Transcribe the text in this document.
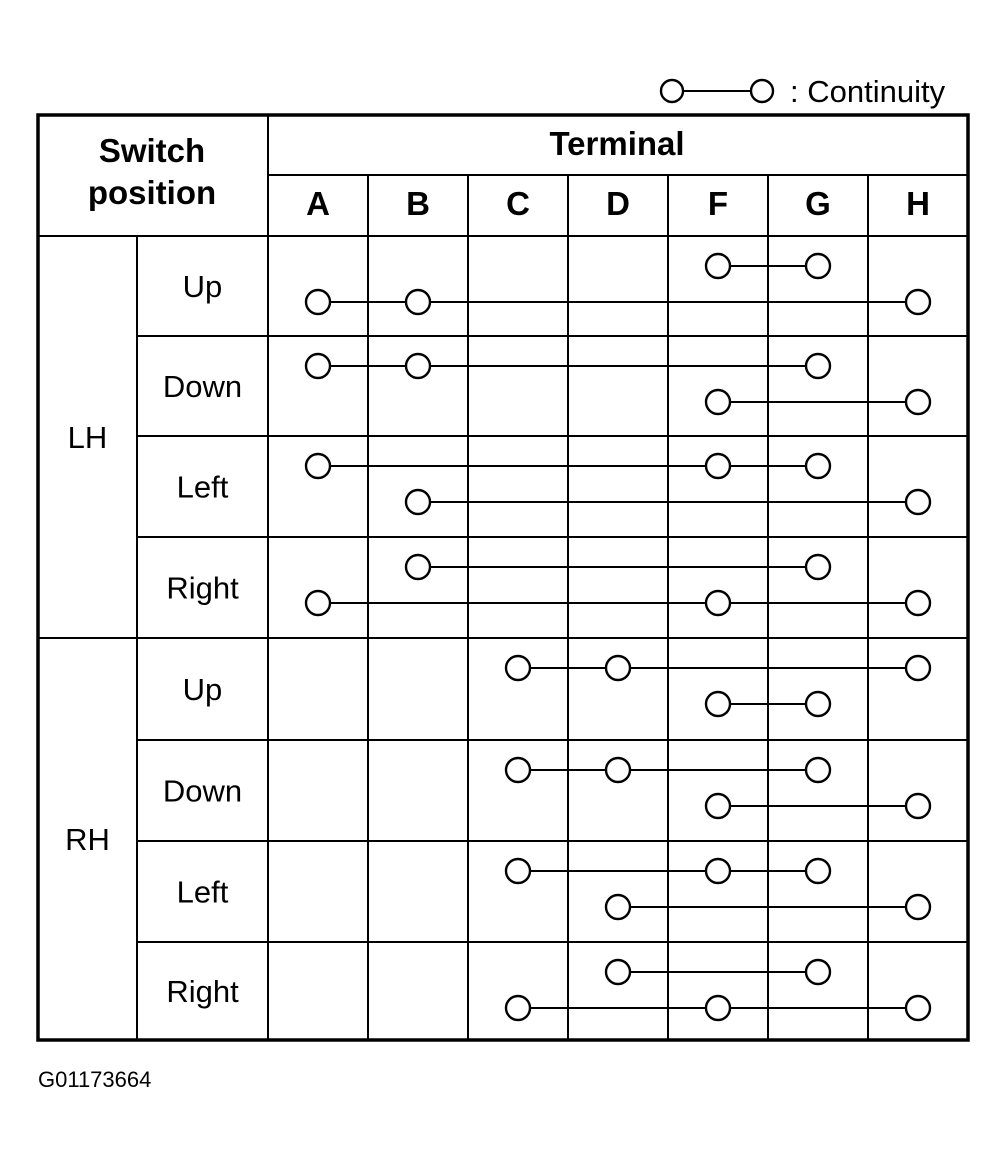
: Continuity
Switch
position
Terminal
A B C D F G H
LH
Up
Down
Left
Right
RH
Up
Down
Left
Right
G01173664
